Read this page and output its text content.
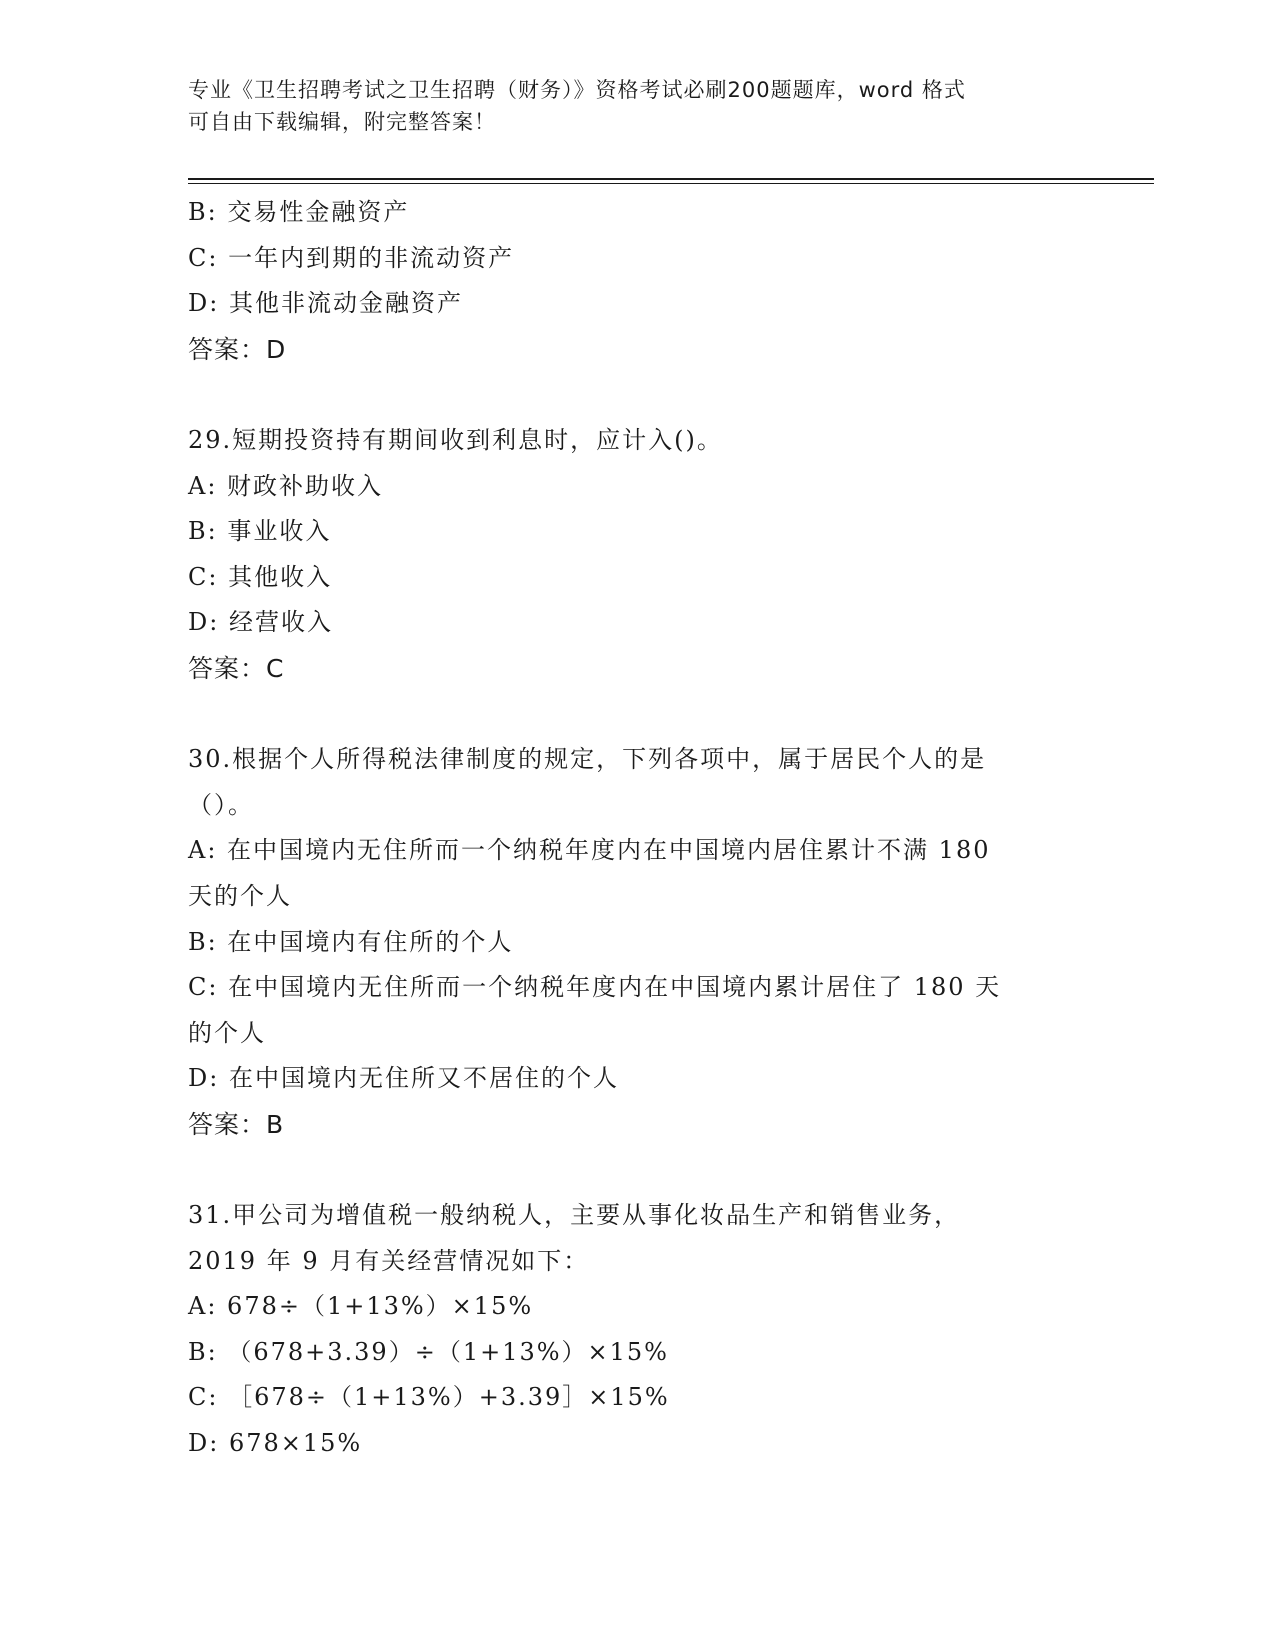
专业《卫生招聘考试之卫生招聘（财务）》资格考试必刷200题题库，word 格式
可自由下载编辑，附完整答案！
B: 交易性金融资产
C: 一年内到期的非流动资产
D: 其他非流动金融资产
答案：D
29.短期投资持有期间收到利息时，应计入()。
A: 财政补助收入
B: 事业收入
C: 其他收入
D: 经营收入
答案：C
30.根据个人所得税法律制度的规定，下列各项中，属于居民个人的是
（）。
A: 在中国境内无住所而一个纳税年度内在中国境内居住累计不满 180
天的个人
B: 在中国境内有住所的个人
C: 在中国境内无住所而一个纳税年度内在中国境内累计居住了 180 天
的个人
D: 在中国境内无住所又不居住的个人
答案：B
31.甲公司为增值税一般纳税人，主要从事化妆品生产和销售业务，
2019 年 9 月有关经营情况如下：
A: 678÷（1+13%）×15%
B: （678+3.39）÷（1+13%）×15%
C: ［678÷（1+13%）+3.39］×15%
D: 678×15%
